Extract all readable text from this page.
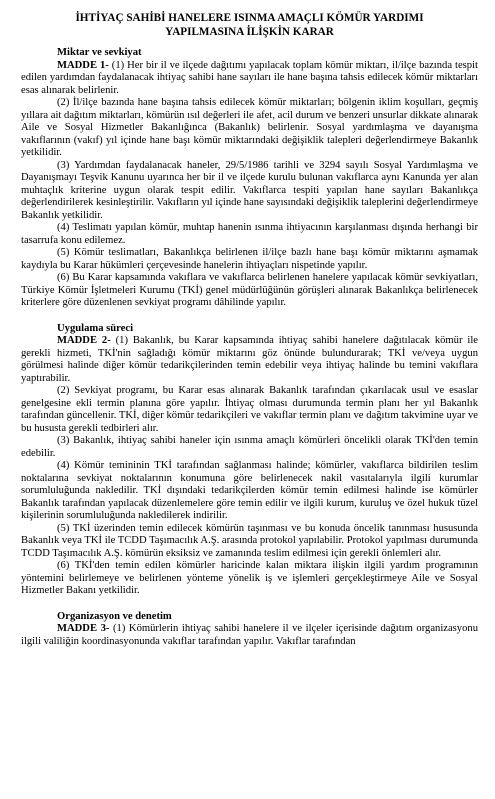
İHTİYAÇ SAHİBİ HANELERE ISINMA AMAÇLI KÖMÜR YARDIMI
YAPILMASINA İLİŞKİN KARAR
Miktar ve sevkiyat

MADDE 1- (1) Her bir il ve ilçede dağıtımı yapılacak toplam kömür miktarı, il/ilçe bazında tespit edilen yardımdan faydalanacak ihtiyaç sahibi hane sayıları ile hane başına tahsis edilecek kömür miktarları esas alınarak belirlenir.

(2) İl/ilçe bazında hane başına tahsis edilecek kömür miktarları; bölgenin iklim koşulları, geçmiş yıllara ait dağıtım miktarları, kömürün ısıl değerleri ile afet, acil durum ve benzeri unsurlar dikkate alınarak Aile ve Sosyal Hizmetler Bakanlığınca (Bakanlık) belirlenir. Sosyal yardımlaşma ve dayanışma vakıflarının (vakıf) yıl içinde hane başı kömür miktarındaki değişiklik talepleri değerlendirmeye Bakanlık yetkilidir.

(3) Yardımdan faydalanacak haneler, 29/5/1986 tarihli ve 3294 sayılı Sosyal Yardımlaşma ve Dayanışmayı Teşvik Kanunu uyarınca her bir il ve ilçede kurulu bulunan vakıflarca aynı Kanunda yer alan muhtaçlık kriterine uygun olarak tespit edilir. Vakıflarca tespiti yapılan hane sayıları Bakanlıkça değerlendirilerek kesinleştirilir. Vakıfların yıl içinde hane sayısındaki değişiklik taleplerini değerlendirmeye Bakanlık yetkilidir.

(4) Teslimatı yapılan kömür, muhtap hanenin ısınma ihtiyacının karşılanması dışında herhangi bir tasarrufa konu edilemez.

(5) Kömür teslimatları, Bakanlıkça belirlenen il/ilçe bazlı hane başı kömür miktarını aşmamak kaydıyla bu Karar hükümleri çerçevesinde hanelerin ihtiyaçları nispetinde yapılır.

(6) Bu Karar kapsamında vakıflara ve vakıflarca belirlenen hanelere yapılacak kömür sevkiyatları, Türkiye Kömür İşletmeleri Kurumu (TKİ) genel müdürlüğünün görüşleri alınarak Bakanlıkça belirlenecek kriterlere göre düzenlenen sevkiyat programı dâhilinde yapılır.

Uygulama süreci

MADDE 2- (1) Bakanlık, bu Karar kapsamında ihtiyaç sahibi hanelere dağıtılacak kömür ile gerekli hizmeti, TKİ'nin sağladığı kömür miktarını göz önünde bulundurarak; TKİ ve/veya uygun görülmesi halinde diğer kömür tedarikçilerinden temin edebilir veya ihtiyaç halinde bu temini vakıflara yaptırabilir.

(2) Sevkiyat programı, bu Karar esas alınarak Bakanlık tarafından çıkarılacak usul ve esaslar genelgesine ekli termin planına göre yapılır. İhtiyaç olması durumunda termin planı her yıl Bakanlık tarafından güncellenir. TKİ, diğer kömür tedarikçileri ve vakıflar termin planı ve dağıtım takvimine uyar ve bu hususta gerekli tedbirleri alır.

(3) Bakanlık, ihtiyaç sahibi haneler için ısınma amaçlı kömürleri öncelikli olarak TKİ'den temin edebilir.

(4) Kömür temininin TKİ tarafından sağlanması halinde; kömürler, vakıflarca bildirilen teslim noktalarına sevkiyat noktalarının konumuna göre belirlenecek nakil vasıtalarıyla ilgili kurumlar sorumluluğunda nakledilir. TKİ dışındaki tedarikçilerden kömür temin edilmesi halinde ise kömürler Bakanlık tarafından yapılacak düzenlemelere göre temin edilir ve ilgili kurum, kuruluş ve özel hukuk tüzel kişilerinin sorumluluğunda nakledilerek indirilir.

(5) TKİ üzerinden temin edilecek kömürün taşınması ve bu konuda öncelik tanınması hususunda Bakanlık veya TKİ ile TCDD Taşımacılık A.Ş. arasında protokol yapılabilir. Protokol yapılması durumunda TCDD Taşımacılık A.Ş. kömürün eksiksiz ve zamanında teslim edilmesi için gerekli önlemleri alır.

(6) TKİ'den temin edilen kömürler haricinde kalan miktara ilişkin ilgili yardım programının yöntemini belirlemeye ve belirlenen yönteme yönelik iş ve işlemleri gerçekleştirmeye Aile ve Sosyal Hizmetler Bakanı yetkilidir.

Organizasyon ve denetim

MADDE 3- (1) Kömürlerin ihtiyaç sahibi hanelere il ve ilçeler içerisinde dağıtım organizasyonu ilgili valiliğin koordinasyonunda vakıflar tarafından yapılır. Vakıflar tarafından
